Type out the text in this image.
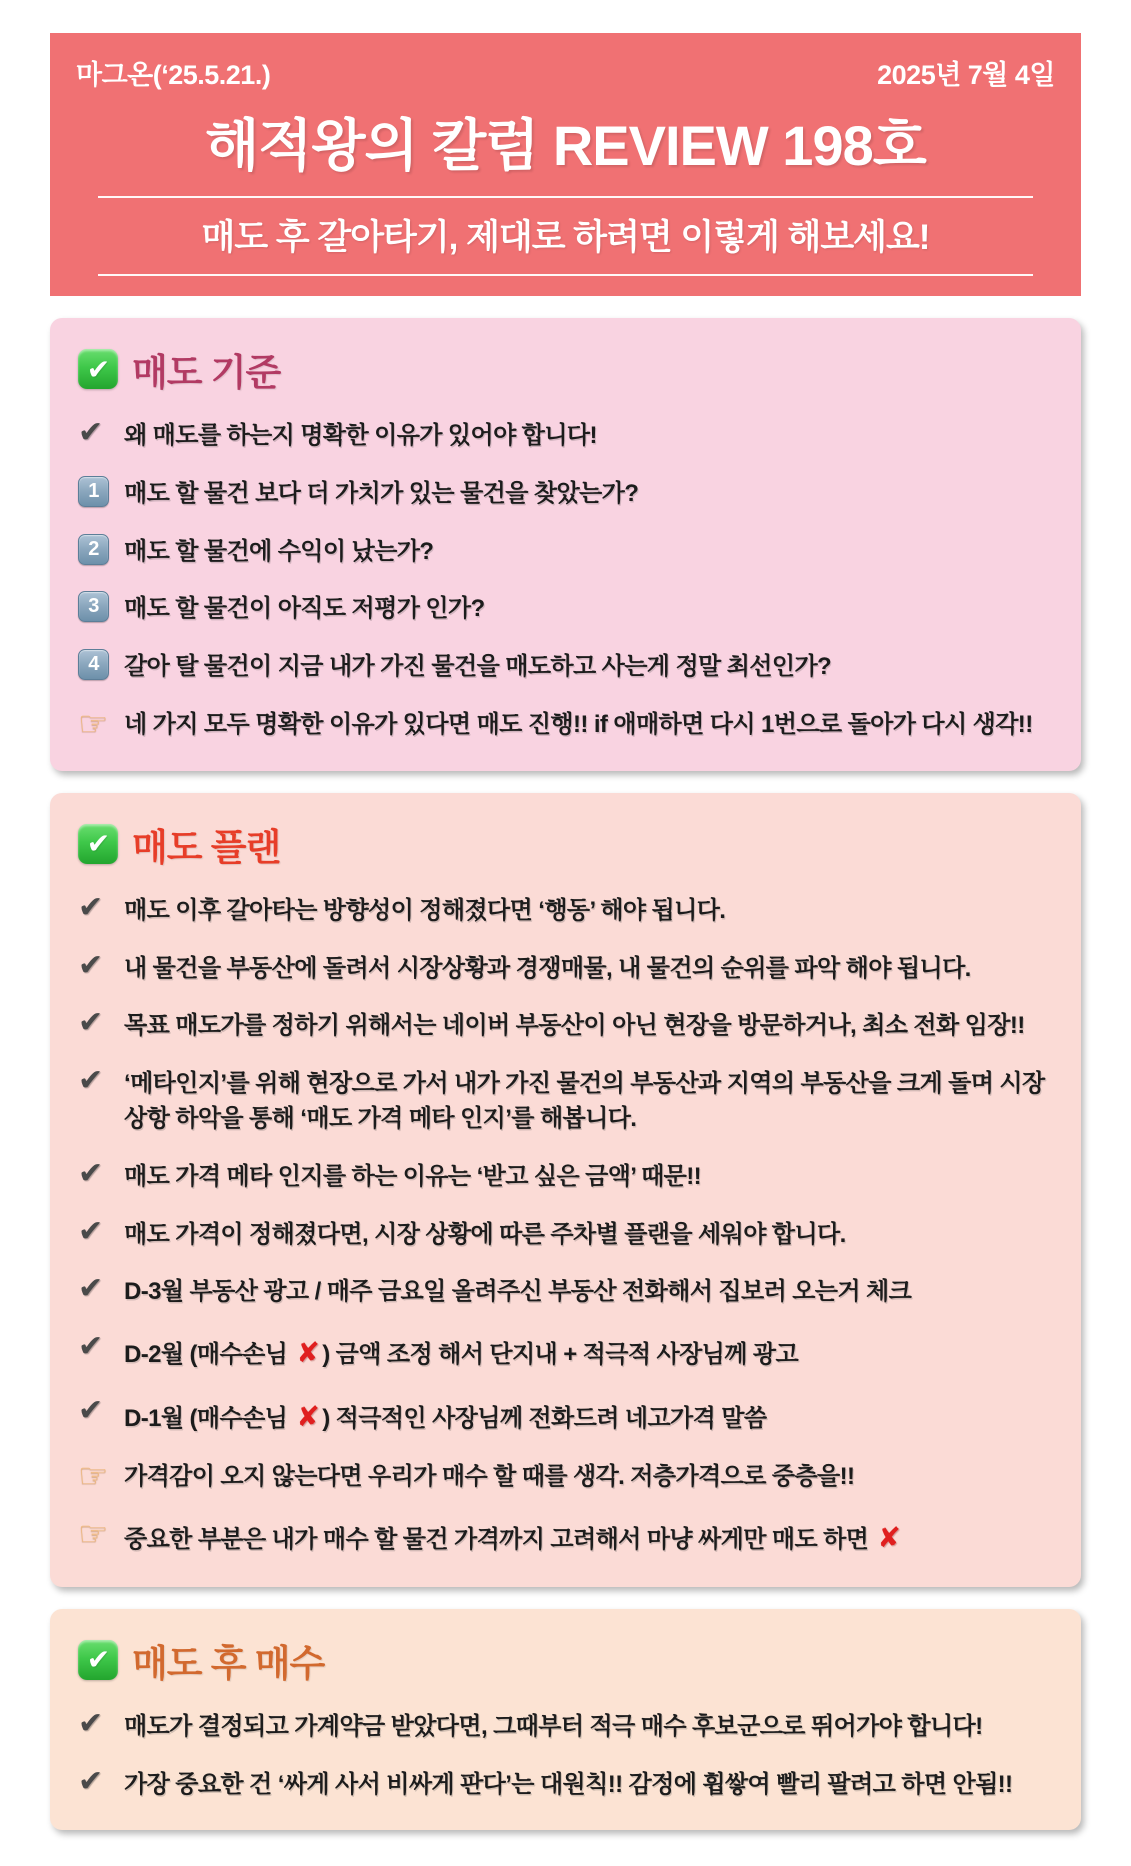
마그온(‘25.5.21.)	2025년 7월 4일
해적왕의 칼럼 REVIEW 198호
매도 후 갈아타기, 제대로 하려면 이렇게 해보세요!
✔ 매도 기준
✔ 왜 매도를 하는지 명확한 이유가 있어야 합니다!
1	매도 할 물건 보다 더 가치가 있는 물건을 찾았는가?
2	매도 할 물건에 수익이 났는가?
3	매도 할 물건이 아직도 저평가 인가?
4	갈아 탈 물건이 지금 내가 가진 물건을 매도하고 사는게 정말 최선인가?
☞ 네 가지 모두 명확한 이유가 있다면 매도 진행!! if 애매하면 다시 1번으로 돌아가 다시 생각!!
✔ 매도 플랜
✔ 매도 이후 갈아타는 방향성이 정해졌다면 ‘행동’ 해야 됩니다.
✔ 내 물건을 부동산에 돌려서 시장상황과 경쟁매물, 내 물건의 순위를 파악 해야 됩니다.
✔ 목표 매도가를 정하기 위해서는 네이버 부동산이 아닌 현장을 방문하거나, 최소 전화 임장!!
✔ ‘메타인지’를 위해 현장으로 가서 내가 가진 물건의 부동산과 지역의 부동산을 크게 돌며 시장 상항 하악을 통해 ‘매도 가격 메타 인지’를 해봅니다.
✔ 매도 가격 메타 인지를 하는 이유는 ‘받고 싶은 금액’ 때문!!
✔ 매도 가격이 정해졌다면, 시장 상황에 따른 주차별 플랜을 세워야 합니다.
✔ D-3월 부동산 광고 / 매주 금요일 올려주신 부동산 전화해서 집보러 오는거 체크
✔ D-2월 (매수손님 ✘ ) 금액 조정 해서 단지내 + 적극적 사장님께 광고
✔ D-1월 (매수손님 ✘ ) 적극적인 사장님께 전화드려 네고가격 말씀
☞ 가격감이 오지 않는다면 우리가 매수 할 때를 생각. 저층가격으로 중층을!!
☞ 중요한 부분은 내가 매수 할 물건 가격까지 고려해서 마냥 싸게만 매도 하면 ✘
✔ 매도 후 매수
✔ 매도가 결정되고 가계약금 받았다면, 그때부터 적극 매수 후보군으로 뛰어가야 합니다!
✔ 가장 중요한 건 ‘싸게 사서 비싸게 판다’는 대원칙!! 감정에 휩쌓여 빨리 팔려고 하면 안됨!!
